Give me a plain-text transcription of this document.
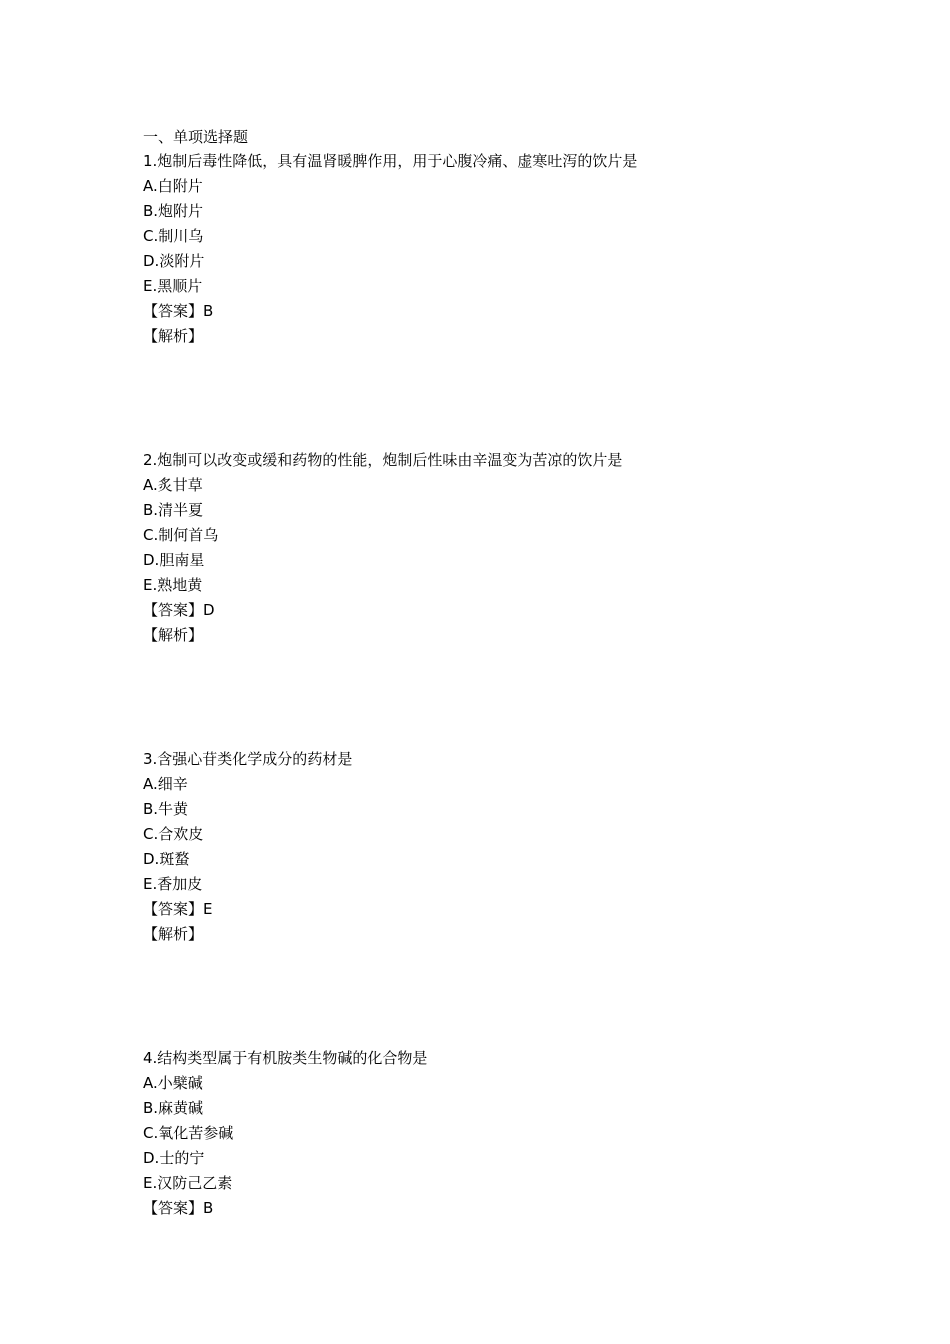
一、单项选择题
1.炮制后毒性降低，具有温肾暖脾作用，用于心腹冷痛、虚寒吐泻的饮片是
A.白附片
B.炮附片
C.制川乌
D.淡附片
E.黑顺片
【答案】B
【解析】
2.炮制可以改变或缓和药物的性能，炮制后性味由辛温变为苦凉的饮片是
A.炙甘草
B.清半夏
C.制何首乌
D.胆南星
E.熟地黄
【答案】D
【解析】
3.含强心苷类化学成分的药材是
A.细辛
B.牛黄
C.合欢皮
D.斑蝥
E.香加皮
【答案】E
【解析】
4.结构类型属于有机胺类生物碱的化合物是
A.小檗碱
B.麻黄碱
C.氧化苦参碱
D.士的宁
E.汉防己乙素
【答案】B
